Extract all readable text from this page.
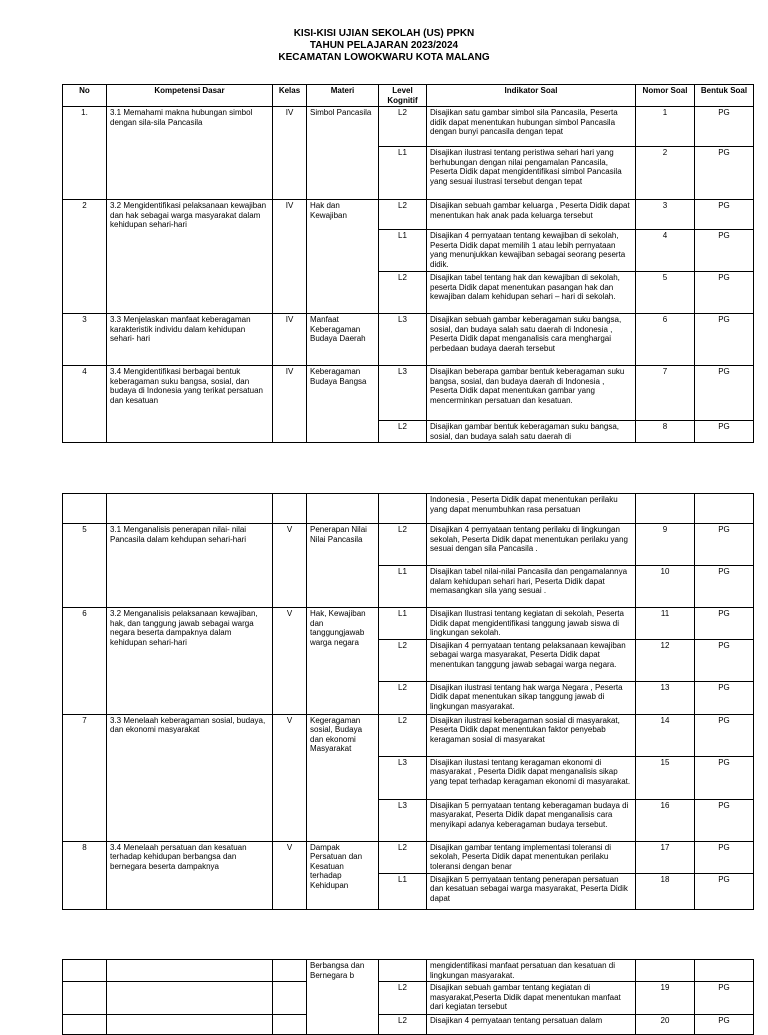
KISI-KISI UJIAN SEKOLAH (US) PPKN
TAHUN PELAJARAN 2023/2024
KECAMATAN LOWOKWARU KOTA MALANG
No	Kompetensi Dasar	Kelas	Materi	Level Kognitif	Indikator Soal	Nomor Soal	Bentuk Soal
1.	3.1 Memahami makna hubungan simbol dengan sila-sila Pancasila	IV	Simbol Pancasila	L2	Disajikan satu gambar simbol sila Pancasila, Peserta didik dapat menentukan hubungan simbol Pancasila dengan bunyi pancasila dengan tepat	1	PG
				L1	Disajikan ilustrasi tentang peristiwa sehari hari yang berhubungan dengan nilai pengamalan Pancasila, Peserta Didik dapat mengidentifikasi simbol Pancasila yang sesuai ilustrasi tersebut dengan tepat	2	PG
2	3.2 Mengidentifikasi pelaksanaan kewajiban dan hak sebagai warga masyarakat dalam kehidupan sehari-hari	IV	Hak dan Kewajiban	L2	Disajikan sebuah gambar keluarga , Peserta Didik dapat menentukan hak anak pada keluarga tersebut	3	PG
				L1	Disajikan 4 pernyataan tentang kewajiban di sekolah, Peserta Didik dapat memilih 1 atau lebih pernyataan yang menunjukkan kewajiban sebagai seorang peserta didik.	4	PG
				L2	Disajikan tabel tentang hak dan kewajiban di sekolah, peserta Didik dapat menentukan pasangan hak dan kewajiban dalam kehidupan sehari – hari di sekolah.	5	PG
3	3.3 Menjelaskan manfaat keberagaman karakteristik individu dalam kehidupan sehari- hari	IV	Manfaat Keberagaman Budaya Daerah	L3	Disajikan sebuah gambar keberagaman suku bangsa, sosial, dan budaya salah satu daerah di Indonesia , Peserta Didik dapat menganalisis cara menghargai perbedaan budaya daerah tersebut	6	PG
4	3.4 Mengidentifikasi berbagai bentuk keberagaman suku bangsa, sosial, dan budaya di Indonesia yang terikat persatuan dan kesatuan	IV	Keberagaman Budaya Bangsa	L3	Disajikan beberapa gambar bentuk keberagaman suku bangsa, sosial, dan budaya daerah di Indonesia , Peserta Didik dapat menentukan gambar yang mencerminkan persatuan dan kesatuan.	7	PG
				L2	Disajikan gambar bentuk keberagaman suku bangsa, sosial, dan budaya salah satu daerah di	8	PG
					Indonesia , Peserta Didik dapat menentukan perilaku yang dapat menumbuhkan rasa persatuan		
5	3.1 Menganalisis penerapan nilai- nilai Pancasila dalam kehdupan sehari-hari	V	Penerapan Nilai Nilai Pancasila	L2	Disajikan 4 pernyataan tentang perilaku di lingkungan sekolah, Peserta Didik dapat menentukan perilaku yang sesuai dengan sila Pancasila .	9	PG
				L1	Disajikan tabel nilai-nilai Pancasila dan pengamalannya dalam kehidupan sehari hari, Peserta Didik dapat memasangkan sila yang sesuai .	10	PG
6	3.2 Menganalisis pelaksanaan kewajiban, hak, dan tanggung jawab sebagai warga negara beserta dampaknya dalam kehidupan sehari-hari	V	Hak, Kewajiban dan tanggungjawab warga negara	L1	Disajikan Ilustrasi tentang kegiatan di sekolah, Peserta Didik dapat mengidentifikasi tanggung jawab siswa di lingkungan sekolah.	11	PG
				L2	Disajikan 4 pernyataan tentang pelaksanaan kewajiban sebagai warga masyarakat, Peserta Didik dapat menentukan tanggung jawab sebagai warga negara.	12	PG
				L2	Disajikan ilustrasi tentang hak warga Negara , Peserta Didik dapat menentukan sikap tanggung jawab di lingkungan masyarakat.	13	PG
7	3.3 Menelaah keberagaman sosial, budaya, dan ekonomi masyarakat	V	Kegeragaman sosial, Budaya dan ekonomi Masyarakat	L2	Disajikan ilustrasi keberagaman sosial di masyarakat, Peserta Didik dapat menentukan faktor penyebab keragaman sosial di masyarakat	14	PG
				L3	Disajikan ilustasi tentang keragaman ekonomi di masyarakat , Peserta Didik dapat menganalisis sikap yang tepat terhadap keragaman ekonomi di masyarakat.	15	PG
				L3	Disajikan 5 pernyataan tentang keberagaman budaya di masyarakat, Peserta Didik dapat menganalisis cara menyikapi adanya keberagaman budaya tersebut.	16	PG
8	3.4 Menelaah persatuan dan kesatuan terhadap kehidupan berbangsa dan bernegara beserta dampaknya	V	Dampak Persatuan dan Kesatuan terhadap Kehidupan	L2	Disajikan gambar tentang implementasi toleransi di sekolah, Peserta Didik dapat menentukan perilaku toleransi dengan benar	17	PG
				L1	Disajikan 5 pernyataan tentang penerapan persatuan dan kesatuan sebagai warga masyarakat, Peserta Didik dapat	18	PG
			Berbangsa dan Bernegara b		mengidentifikasi manfaat persatuan dan kesatuan di lingkungan masyarakat.		
				L2	Disajikan sebuah gambar tentang kegiatan di masyarakat,Peserta Didik dapat menentukan manfaat dari kegiatan tersebut	19	PG
				L2	Disajikan 4 pernyataan tentang persatuan dalam	20	PG
